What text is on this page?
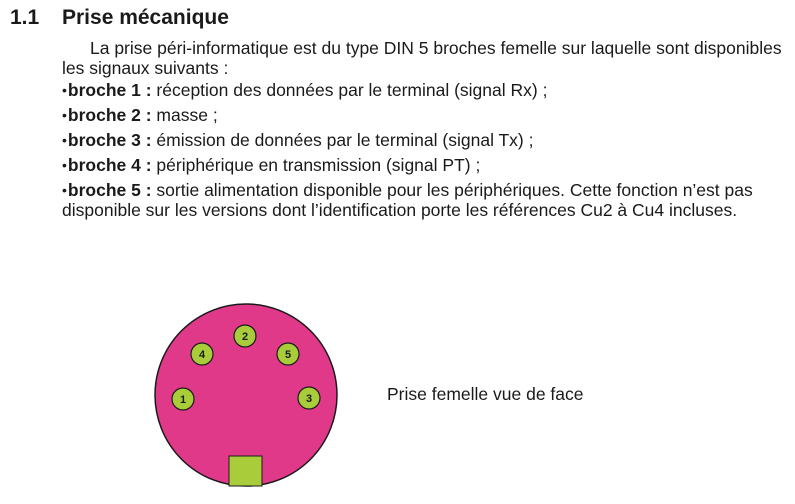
1.1 Prise mécanique
La prise péri-informatique est du type DIN 5 broches femelle sur laquelle sont disponibles les signaux suivants :
•broche 1 : réception des données par le terminal (signal Rx) ;
•broche 2 : masse ;
•broche 3 : émission de données par le terminal (signal Tx) ;
•broche 4 : périphérique en transmission (signal PT) ;
•broche 5 : sortie alimentation disponible pour les périphériques. Cette fonction n’est pas disponible sur les versions dont l’identification porte les références Cu2 à Cu4 incluses.
2
4	5
1	3	Prise femelle vue de face
